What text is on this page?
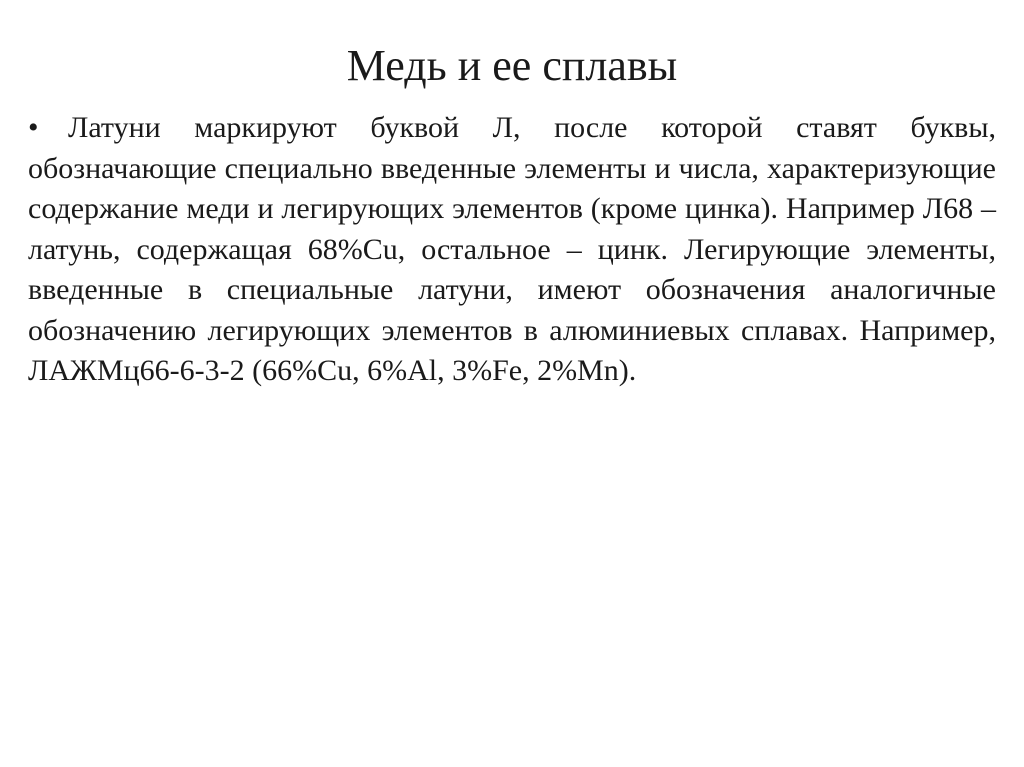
Медь и ее сплавы

• Латуни маркируют буквой Л, после которой ставят буквы, обозначающие специально введенные элементы и числа, характеризующие содержание меди и легирующих элементов (кроме цинка). Например Л68 – латунь, содержащая 68%Cu, остальное – цинк. Легирующие элементы, введенные в специальные латуни, имеют обозначения аналогичные обозначению легирующих элементов в алюминиевых сплавах. Например, ЛАЖМц66-6-3-2 (66%Cu, 6%Al, 3%Fe, 2%Mn).
